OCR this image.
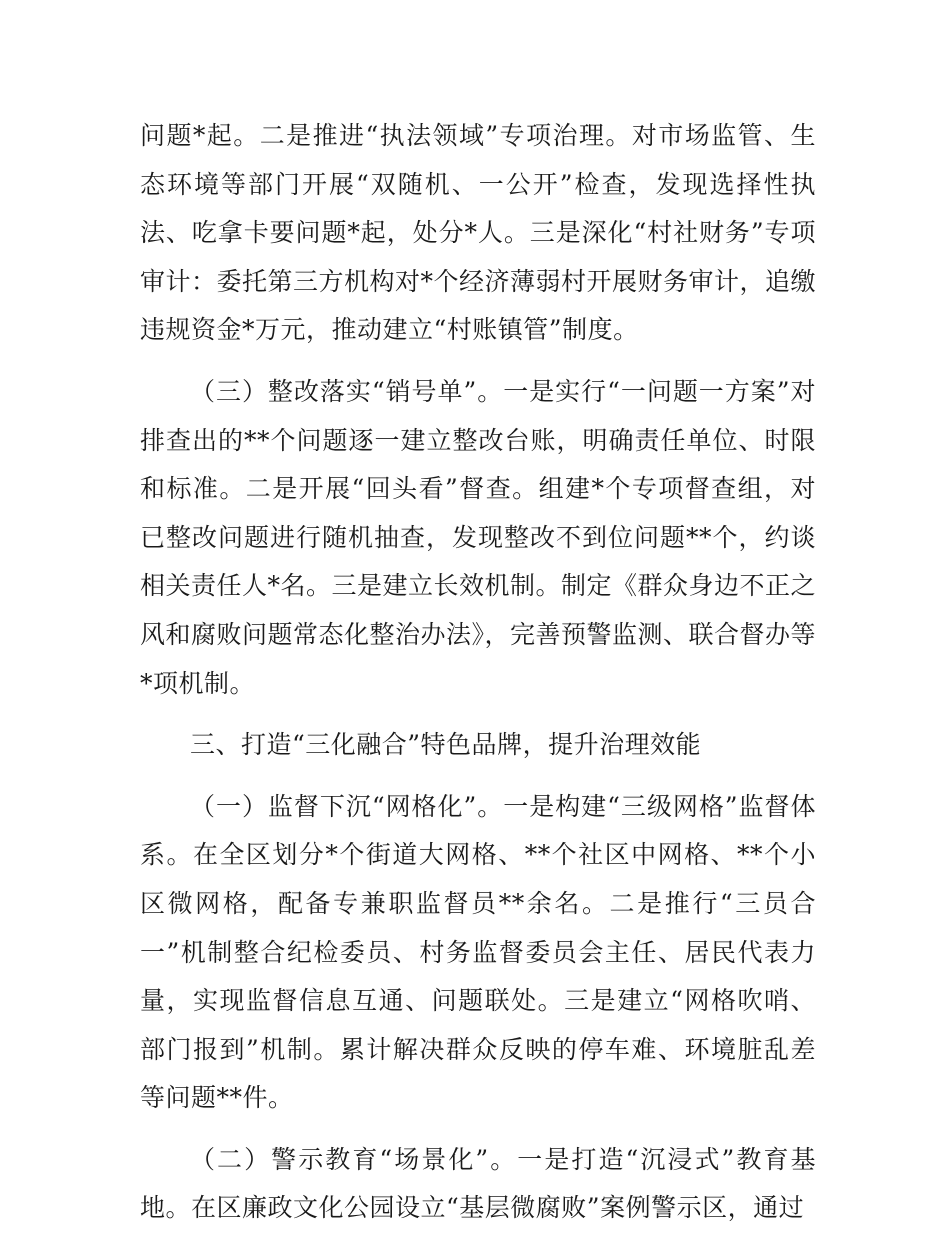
问题*起。二是推进“执法领域”专项治理。对市场监管、生态环境等部门开展“双随机、一公开”检查，发现选择性执法、吃拿卡要问题*起，处分*人。三是深化“村社财务”专项审计：委托第三方机构对*个经济薄弱村开展财务审计，追缴违规资金*万元，推动建立“村账镇管”制度。

（三）整改落实“销号单”。一是实行“一问题一方案”对排查出的**个问题逐一建立整改台账，明确责任单位、时限和标准。二是开展“回头看”督查。组建*个专项督查组，对已整改问题进行随机抽查，发现整改不到位问题**个，约谈相关责任人*名。三是建立长效机制。制定《群众身边不正之风和腐败问题常态化整治办法》，完善预警监测、联合督办等*项机制。

三、打造“三化融合”特色品牌，提升治理效能

（一）监督下沉“网格化”。一是构建“三级网格”监督体系。在全区划分*个街道大网格、**个社区中网格、**个小区微网格，配备专兼职监督员**余名。二是推行“三员合一”机制整合纪检委员、村务监督委员会主任、居民代表力量，实现监督信息互通、问题联处。三是建立“网格吹哨、部门报到”机制。累计解决群众反映的停车难、环境脏乱差等问题**件。

（二）警示教育“场景化”。一是打造“沉浸式”教育基地。在区廉政文化公园设立“基层微腐败”案例警示区，通过
